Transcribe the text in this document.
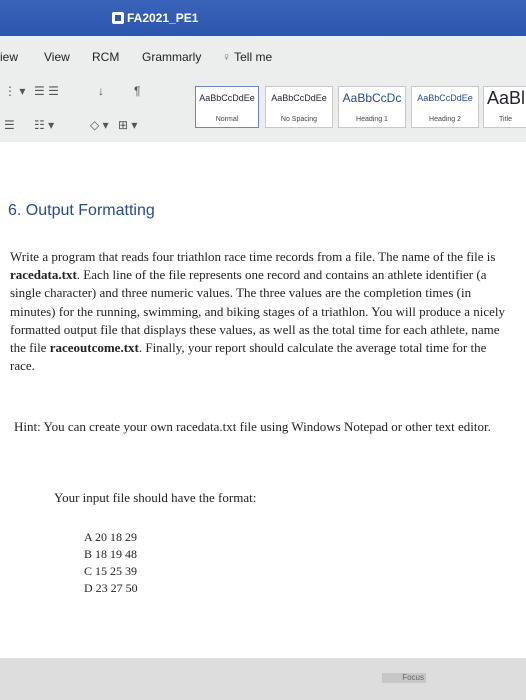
FA2021_PE1
iew View RCM Grammarly ♀ Tell me
⋮ ▾ ☰ ☰	↓	¶
☰ ☷ ▾	◇ ▾ ⊞ ▾
AaBbCcDdEe
Normal
AaBbCcDdEe
No Spacing
AaBbCcDc
Heading 1
AaBbCcDdEe
Heading 2
AaBl
Title
6. Output Formatting
Write a program that reads four triathlon race time records from a file. The name of the file is racedata.txt. Each line of the file represents one record and contains an athlete identifier (a single character) and three numeric values. The three values are the completion times (in minutes) for the running, swimming, and biking stages of a triathlon. You will produce a nicely formatted output file that displays these values, as well as the total time for each athlete, name the file raceoutcome.txt. Finally, your report should calculate the average total time for the race.
Hint: You can create your own racedata.txt file using Windows Notepad or other text editor.
Your input file should have the format:
A 20 18 29
B 18 19 48
C 15 25 39
D 23 27 50
Focus
